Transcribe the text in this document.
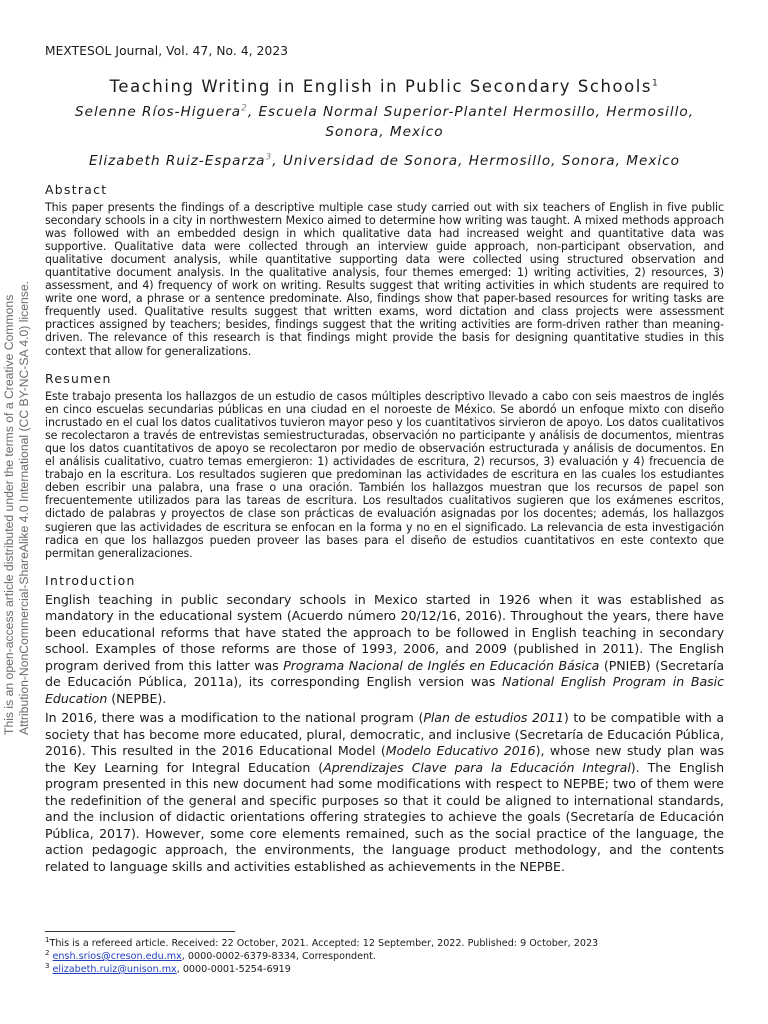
This is an open-access article distributed under the terms of a Creative Commons
Attribution-NonCommercial-ShareAlike 4.0 International (CC BY-NC-SA 4.0) license.
MEXTESOL Journal, Vol. 47, No. 4, 2023
Teaching Writing in English in Public Secondary Schools$^1$

Selenne Ríos-Higuera$^2$, Escuela Normal Superior-Plantel Hermosillo, Hermosillo,
Sonora, Mexico

Elizabeth Ruiz-Esparza$^3$, Universidad de Sonora, Hermosillo, Sonora, Mexico

Abstract

This paper presents the findings of a descriptive multiple case study carried out with six teachers of English in five public secondary schools in a city in northwestern Mexico aimed to determine how writing was taught. A mixed methods approach was followed with an embedded design in which qualitative data had increased weight and quantitative data was supportive. Qualitative data were collected through an interview guide approach, non-participant observation, and qualitative document analysis, while quantitative supporting data were collected using structured observation and quantitative document analysis. In the qualitative analysis, four themes emerged: 1) writing activities, 2) resources, 3) assessment, and 4) frequency of work on writing. Results suggest that writing activities in which students are required to write one word, a phrase or a sentence predominate. Also, findings show that paper-based resources for writing tasks are frequently used. Qualitative results suggest that written exams, word dictation and class projects were assessment practices assigned by teachers; besides, findings suggest that the writing activities are form-driven rather than meaning-driven. The relevance of this research is that findings might provide the basis for designing quantitative studies in this context that allow for generalizations.

Resumen

Este trabajo presenta los hallazgos de un estudio de casos múltiples descriptivo llevado a cabo con seis maestros de inglés en cinco escuelas secundarias públicas en una ciudad en el noroeste de México. Se abordó un enfoque mixto con diseño incrustado en el cual los datos cualitativos tuvieron mayor peso y los cuantitativos sirvieron de apoyo. Los datos cualitativos se recolectaron a través de entrevistas semiestructuradas, observación no participante y análisis de documentos, mientras que los datos cuantitativos de apoyo se recolectaron por medio de observación estructurada y análisis de documentos. En el análisis cualitativo, cuatro temas emergieron: 1) actividades de escritura, 2) recursos, 3) evaluación y 4) frecuencia de trabajo en la escritura. Los resultados sugieren que predominan las actividades de escritura en las cuales los estudiantes deben escribir una palabra, una frase o una oración. También los hallazgos muestran que los recursos de papel son frecuentemente utilizados para las tareas de escritura. Los resultados cualitativos sugieren que los exámenes escritos, dictado de palabras y proyectos de clase son prácticas de evaluación asignadas por los docentes; además, los hallazgos sugieren que las actividades de escritura se enfocan en la forma y no en el significado. La relevancia de esta investigación radica en que los hallazgos pueden proveer las bases para el diseño de estudios cuantitativos en este contexto que permitan generalizaciones.

Introduction

English teaching in public secondary schools in Mexico started in 1926 when it was established as mandatory in the educational system (Acuerdo número 20/12/16, 2016). Throughout the years, there have been educational reforms that have stated the approach to be followed in English teaching in secondary school. Examples of those reforms are those of 1993, 2006, and 2009 (published in 2011). The English program derived from this latter was Programa Nacional de Inglés en Educación Básica (PNIEB) (Secretaría de Educación Pública, 2011a), its corresponding English version was National English Program in Basic Education (NEPBE).

In 2016, there was a modification to the national program (Plan de estudios 2011) to be compatible with a society that has become more educated, plural, democratic, and inclusive (Secretaría de Educación Pública, 2016). This resulted in the 2016 Educational Model (Modelo Educativo 2016), whose new study plan was the Key Learning for Integral Education (Aprendizajes Clave para la Educación Integral). The English program presented in this new document had some modifications with respect to NEPBE; two of them were the redefinition of the general and specific purposes so that it could be aligned to international standards, and the inclusion of didactic orientations offering strategies to achieve the goals (Secretaría de Educación Pública, 2017). However, some core elements remained, such as the social practice of the language, the action pedagogic approach, the environments, the language product methodology, and the contents related to language skills and activities established as achievements in the NEPBE.

$^1$This is a refereed article. Received: 22 October, 2021. Accepted: 12 September, 2022. Published: 9 October, 2023

$^2$ ensh.srios@creson.edu.mx, 0000-0002-6379-8334, Correspondent.

$^3$ elizabeth.ruiz@unison.mx, 0000-0001-5254-6919
